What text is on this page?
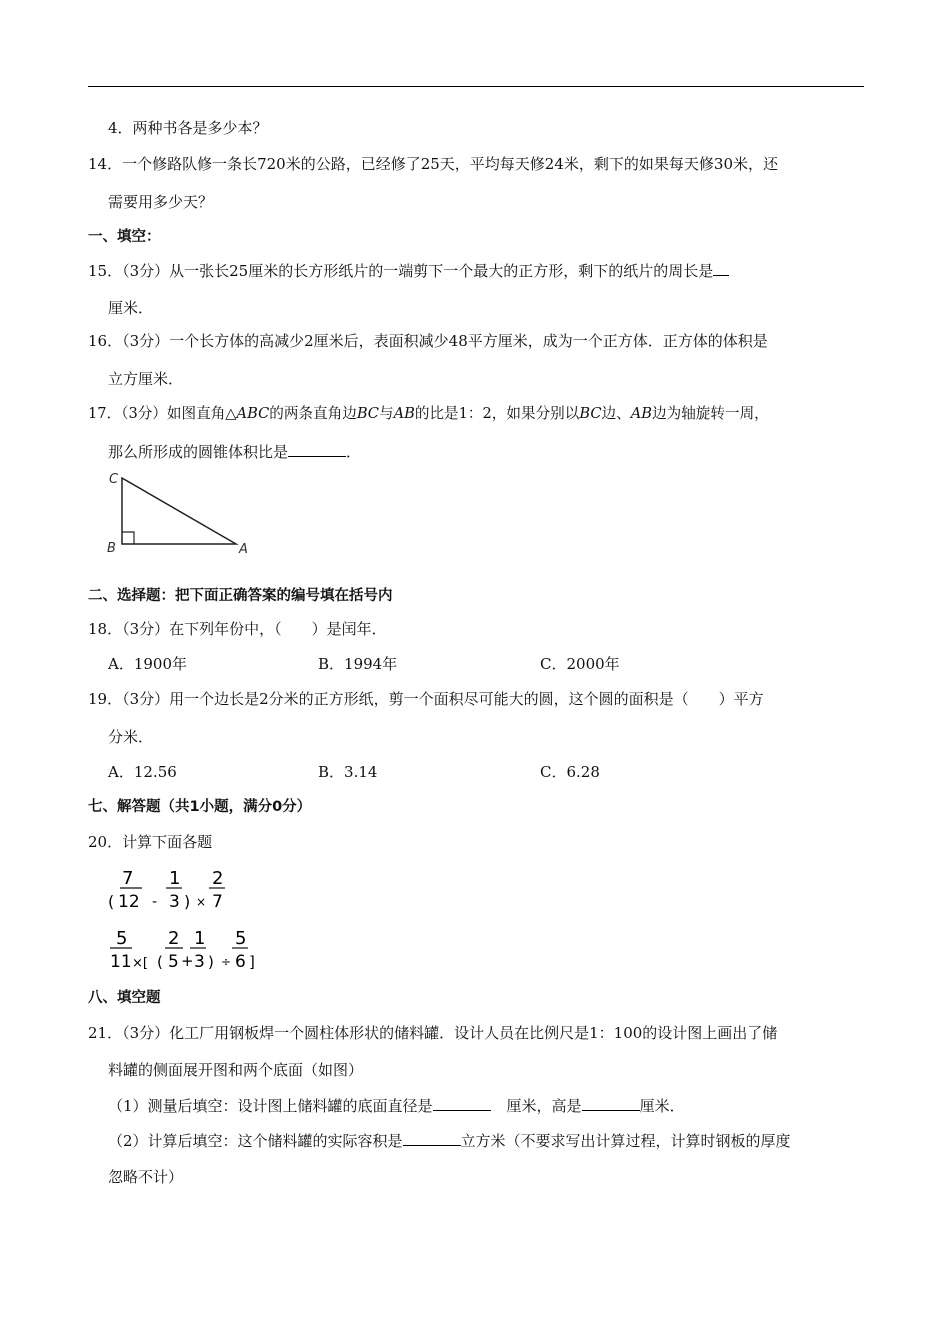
4．两种书各是多少本？
14．一个修路队修一条长720米的公路，已经修了25天，平均每天修24米，剩下的如果每天修30米，还
需要用多少天？
一、填空：
15．（3分）从一张长25厘米的长方形纸片的一端剪下一个最大的正方形，剩下的纸片的周长是
厘米．
16．（3分）一个长方体的高减少2厘米后，表面积减少48平方厘米，成为一个正方体．正方体的体积是
立方厘米．
17．（3分）如图直角△ABC的两条直角边BC与AB的比是1：2，如果分别以BC边、AB边为轴旋转一周，
那么所形成的圆锥体积比是	．
C
B	A
二、选择题：把下面正确答案的编号填在括号内
18．（3分）在下列年份中，（　　）是闰年．
A．1900年	B．1994年	C．2000年
19．（3分）用一个边长是2分米的正方形纸，剪一个面积尽可能大的圆，这个圆的面积是（　　）平方
分米．
A．12.56	B．3.14	C．6.28
七、解答题（共1小题，满分0分）
20．计算下面各题
7
( 12 -
1
3 ) ×
2
7
5
11 ×[ (
2
5 +
1
3 ) ÷
5
6 ]
八、填空题
21．（3分）化工厂用钢板焊一个圆柱体形状的储料罐．设计人员在比例尺是1：100的设计图上画出了储
料罐的侧面展开图和两个底面（如图）
（1）测量后填空：设计图上储料罐的底面直径是	厘米，高是	厘米．
（2）计算后填空：这个储料罐的实际容积是	立方米（不要求写出计算过程，计算时钢板的厚度
忽略不计）
